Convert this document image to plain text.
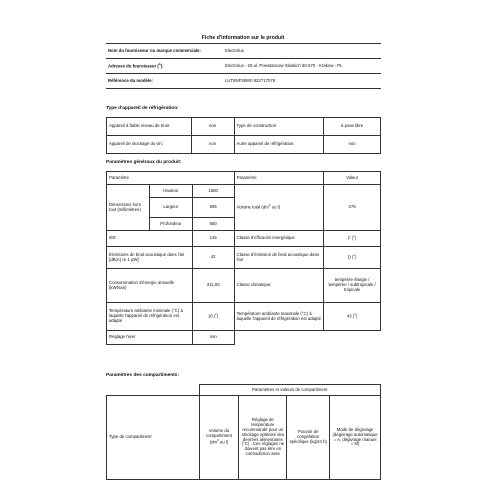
Fiche d'information sur le produit
Nom du fournisseur ou marque commerciale:	Electrolux
Adresse du fournisseur ($^b$):	Electrolux - 26 ul. Powstancow Slaskich 30-570 - Krakow - PL
Référence du modèle:	LUT6NF28W0 922717078
Type d'appareil de réfrigération:
Appareil à faible niveau de bruit	non	Type de construction	à pose libre
Appareil de stockage du vin:	non	Autre appareil de réfrigération:	non
Paramètres généraux du produit:
Paramètre			Paramètre	Valeur
Dimensions hors tout (millimètres)	Hauteur	1860	Volume total ($dm^3$ ou l)	279
	Largeur	595		
	Profondeur	650		
IEE		125	Classe d'efficacité énergétique	F ($^c$)
Émissions de bruit acoustique dans l'air [dB(A) re 1 pW]		42	Classe d'émission de bruit acoustique dans l'air	D ($^c$)
Consommation d'énergie annuelle (kWh/an)		311,00	Classe climatique:	tempérée élargie / tempérée / subtropicale / tropicale
Température ambiante minimale (°C) à laquelle l'appareil de réfrigération est adapté		10 ($^c$)	Température ambiante maximale (°C) à laquelle l'appareil de réfrigération est adapté	43 ($^c$)
Réglage hiver		non		
Paramètres des compartiments:
	Paramètres et valeurs de compartiment			
Type de compartiment	Volume du compartiment ($dm^3$ ou l)	Réglage de température recommandé pour un stockage optimisé des denrées alimentaires (°C) . Ces réglages ne doivent pas être en contradiction avec	Pouvoir de congélation spécifique (kg/24 h)	Mode de dégivrage (dégivrage automatique = A, dégivrage manuel = M)
